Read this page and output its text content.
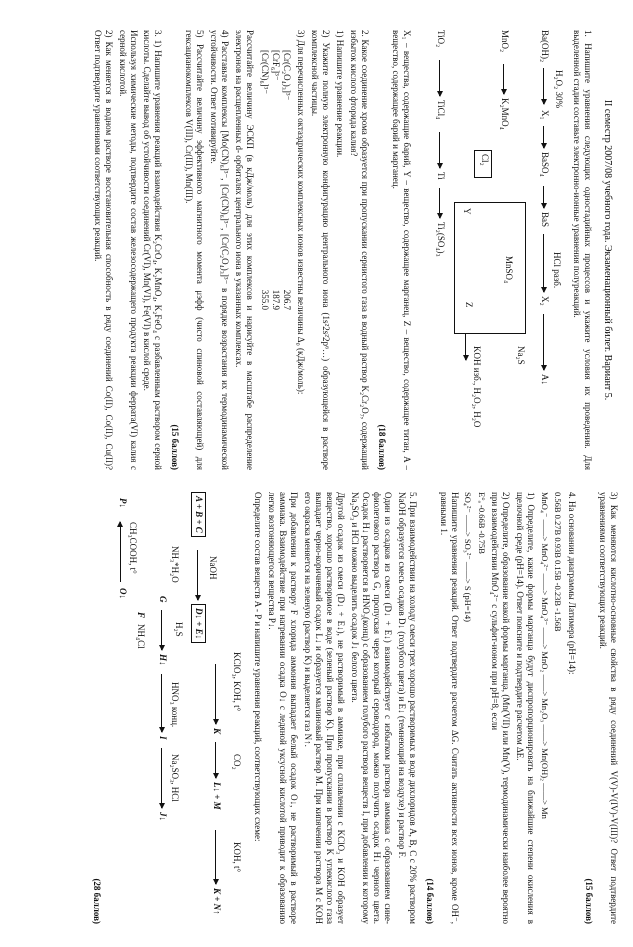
II семестр 2007/08 учебного года. Экзаменационный билет. Вариант 5.

1. Напишите уравнения следующих одностадийных процессов и укажите условия их проведения. Для выделенной стадии составьте электронно-ионные уравнения полуреакций.

H₂O₂ 30%
Ba(OH)₂
X₁
BaSO₄
BaS
HCl разб.
X₂
A↓
MnO₂
K₂MnO₄
Cl₂
TiO₂
TiCl₄
Ti
Ti₂(SO₄)₃
Y
MnSO₄
Z
Na₂S
KOH изб., H₂O₂, H₂O

X₁ – вещества, содержащие барий, Y – вещество, содержащее марганец, Z – вещество, содержащее титан, A – вещество, содержащее барий и марганец.

(18 баллов)

2. Какое соединение хрома образуется при пропускании сернистого газа в водный раствор K₂Cr₂O₇, содержащий избыток кислого фторида калия?

1) Напишите уравнение реакции.

2) Укажите полную электронную конфигурацию центрального иона (1s²2s²2p⁶…) образующейся в растворе комплексной частицы.

3) Для перечисленных октаэдрических комплексных ионов известны величины Δ₀ (кДж/моль):

[Cr(C₂O₄)₃]³⁻
206.7
[CrF₆]³⁻
187.9
[Cr(CN)₆]³⁻
355.0

Рассчитайте величину ЭСКП (в кДж/моль) для этих комплексов и нарисуйте в масштабе распределение электронов на расщепленных d- орбиталях центрального иона в указанных комплексах.

4) Расставьте комплексы [Mo(CN)₆]³⁻, [Cr(CN)₆]³⁻, [Cr(C₂O₄)₃]³⁻ в порядке возрастания их термодинамической устойчивости. Ответ мотивируйте.

5) Рассчитайте величину эффективного магнитного момента μэфф (чисто спиновой составляющей) для гексацианокомплексов V(III), Cr(III), Mn(III).

(15 баллов)

3. 1) Напишите уравнения реакций взаимодействия K₂CrO₄, K₂MnO₄, K₂FeO₄ с разбавленным раствором серной кислоты. Сделайте вывод об устойчивости соединений Cr(VI), Mn(VI), Fe(VI) в кислой среде.

Используя химические методы, подтвердите состав железосодержащего продукта реакции феррата(VI) калия с серной кислотой.

2) Как меняется в водном растворе восстановительная способность в ряду соединений Co(II), Co(II), Cu(II)? Ответ подтвердите уравнениями соответствующих реакций.

3) Как меняются кислотно-основные свойства в ряду соединений V(V)-V(IV)-V(III)? Ответ подтвердите уравнениями соответствующих реакций.

(15 баллов)

4. На основании диаграммы Латимера (pH=14):

0.56В 0.27В 0.93В 0.15В -0.23В -1.56В
MnO₄⁻ ——> MnO₄²⁻ ——> MnO₄³⁻ ——> MnO₂ ——> Mn₂O₃ ——> Mn(OH)₂ ——> Mn

1) Определите, какие формы марганца будут диспропорционировать на ближайшие степени окисления в щелочной среде (pH=14). Ответ поясните и подтвердите расчетом ΔE.

2) Определите, образование какой формы марганца, (Mn(VII) или Mn(V), термодинамически наиболее вероятно при взаимодействии MnO₄²⁻ с сульфит-ионом при pH=8, если

E°ₐ -0.66В -0.75В
SO₄²⁻ ——> SO₃²⁻ ——> S (pH=14)

Напишите уравнения реакций. Ответ подтвердите расчетом ΔG. Считать активности всех ионов, кроме OH⁻, равными 1.

(14 баллов)

5. При взаимодействии на холоду смеси трех хорошо растворимых в воде дихлоридов A, B, C с 20% раствором NaOH образуется смесь осадков D↓ (голубого цвета) и E↓ (темнеющий на воздухе) и раствор F.

Один из осадков из смеси (D↓ + E↓) взаимодействует с избытком раствора аммиака с образованием сине-фиолетового раствора G, пропуская через который сероводород, можно получить осадок H↓ черного цвета. Осадок H↓ растворяется в HNO₃(конц) с образованием голубого раствора веществ I, при добавлении к которому Na₂SO₃ и HCl можно выделить осадок J↓ белого цвета.

Другой осадок из смеси (D↓ + E↓), не растворимый в аммиаке, при сплавлении с KClO₃ и KOH образует вещество, хорошо растворимое в воде (зеленый раствор K). При пропускании в раствор K углекислого газа выпадает черно-коричневый осадок L↓ и образуется малиновый раствор M. При кипячении раствора M с KOH его окраска меняется на зеленую (раствор K) и выделяется газ N↑.

При добавлении к раствору F хлорида аммония выпадает белый осадок O↓, не растворимый в растворе аммиака. Взаимодействие при нагревании осадка O↓ с ледяной уксусной кислотой приводит к образованию легко возгоняющегося вещества P↓.

Определите состав веществ A - P и напишите уравнения реакций, соответствующих схеме:

KClO₃, KOH, t°
CO₂
KOH, t°
A + B + C
NaOH
D↓ + E↓
K
L↓ + M
K + N↑
NH₃*H₂O
G
H₂S
H↓
HNO₃ конц.
I
Na₂SO₃, HCl
J↓
F
NH₄Cl
O↓
CH₃COOH, t°
P↓
(28 баллов)
